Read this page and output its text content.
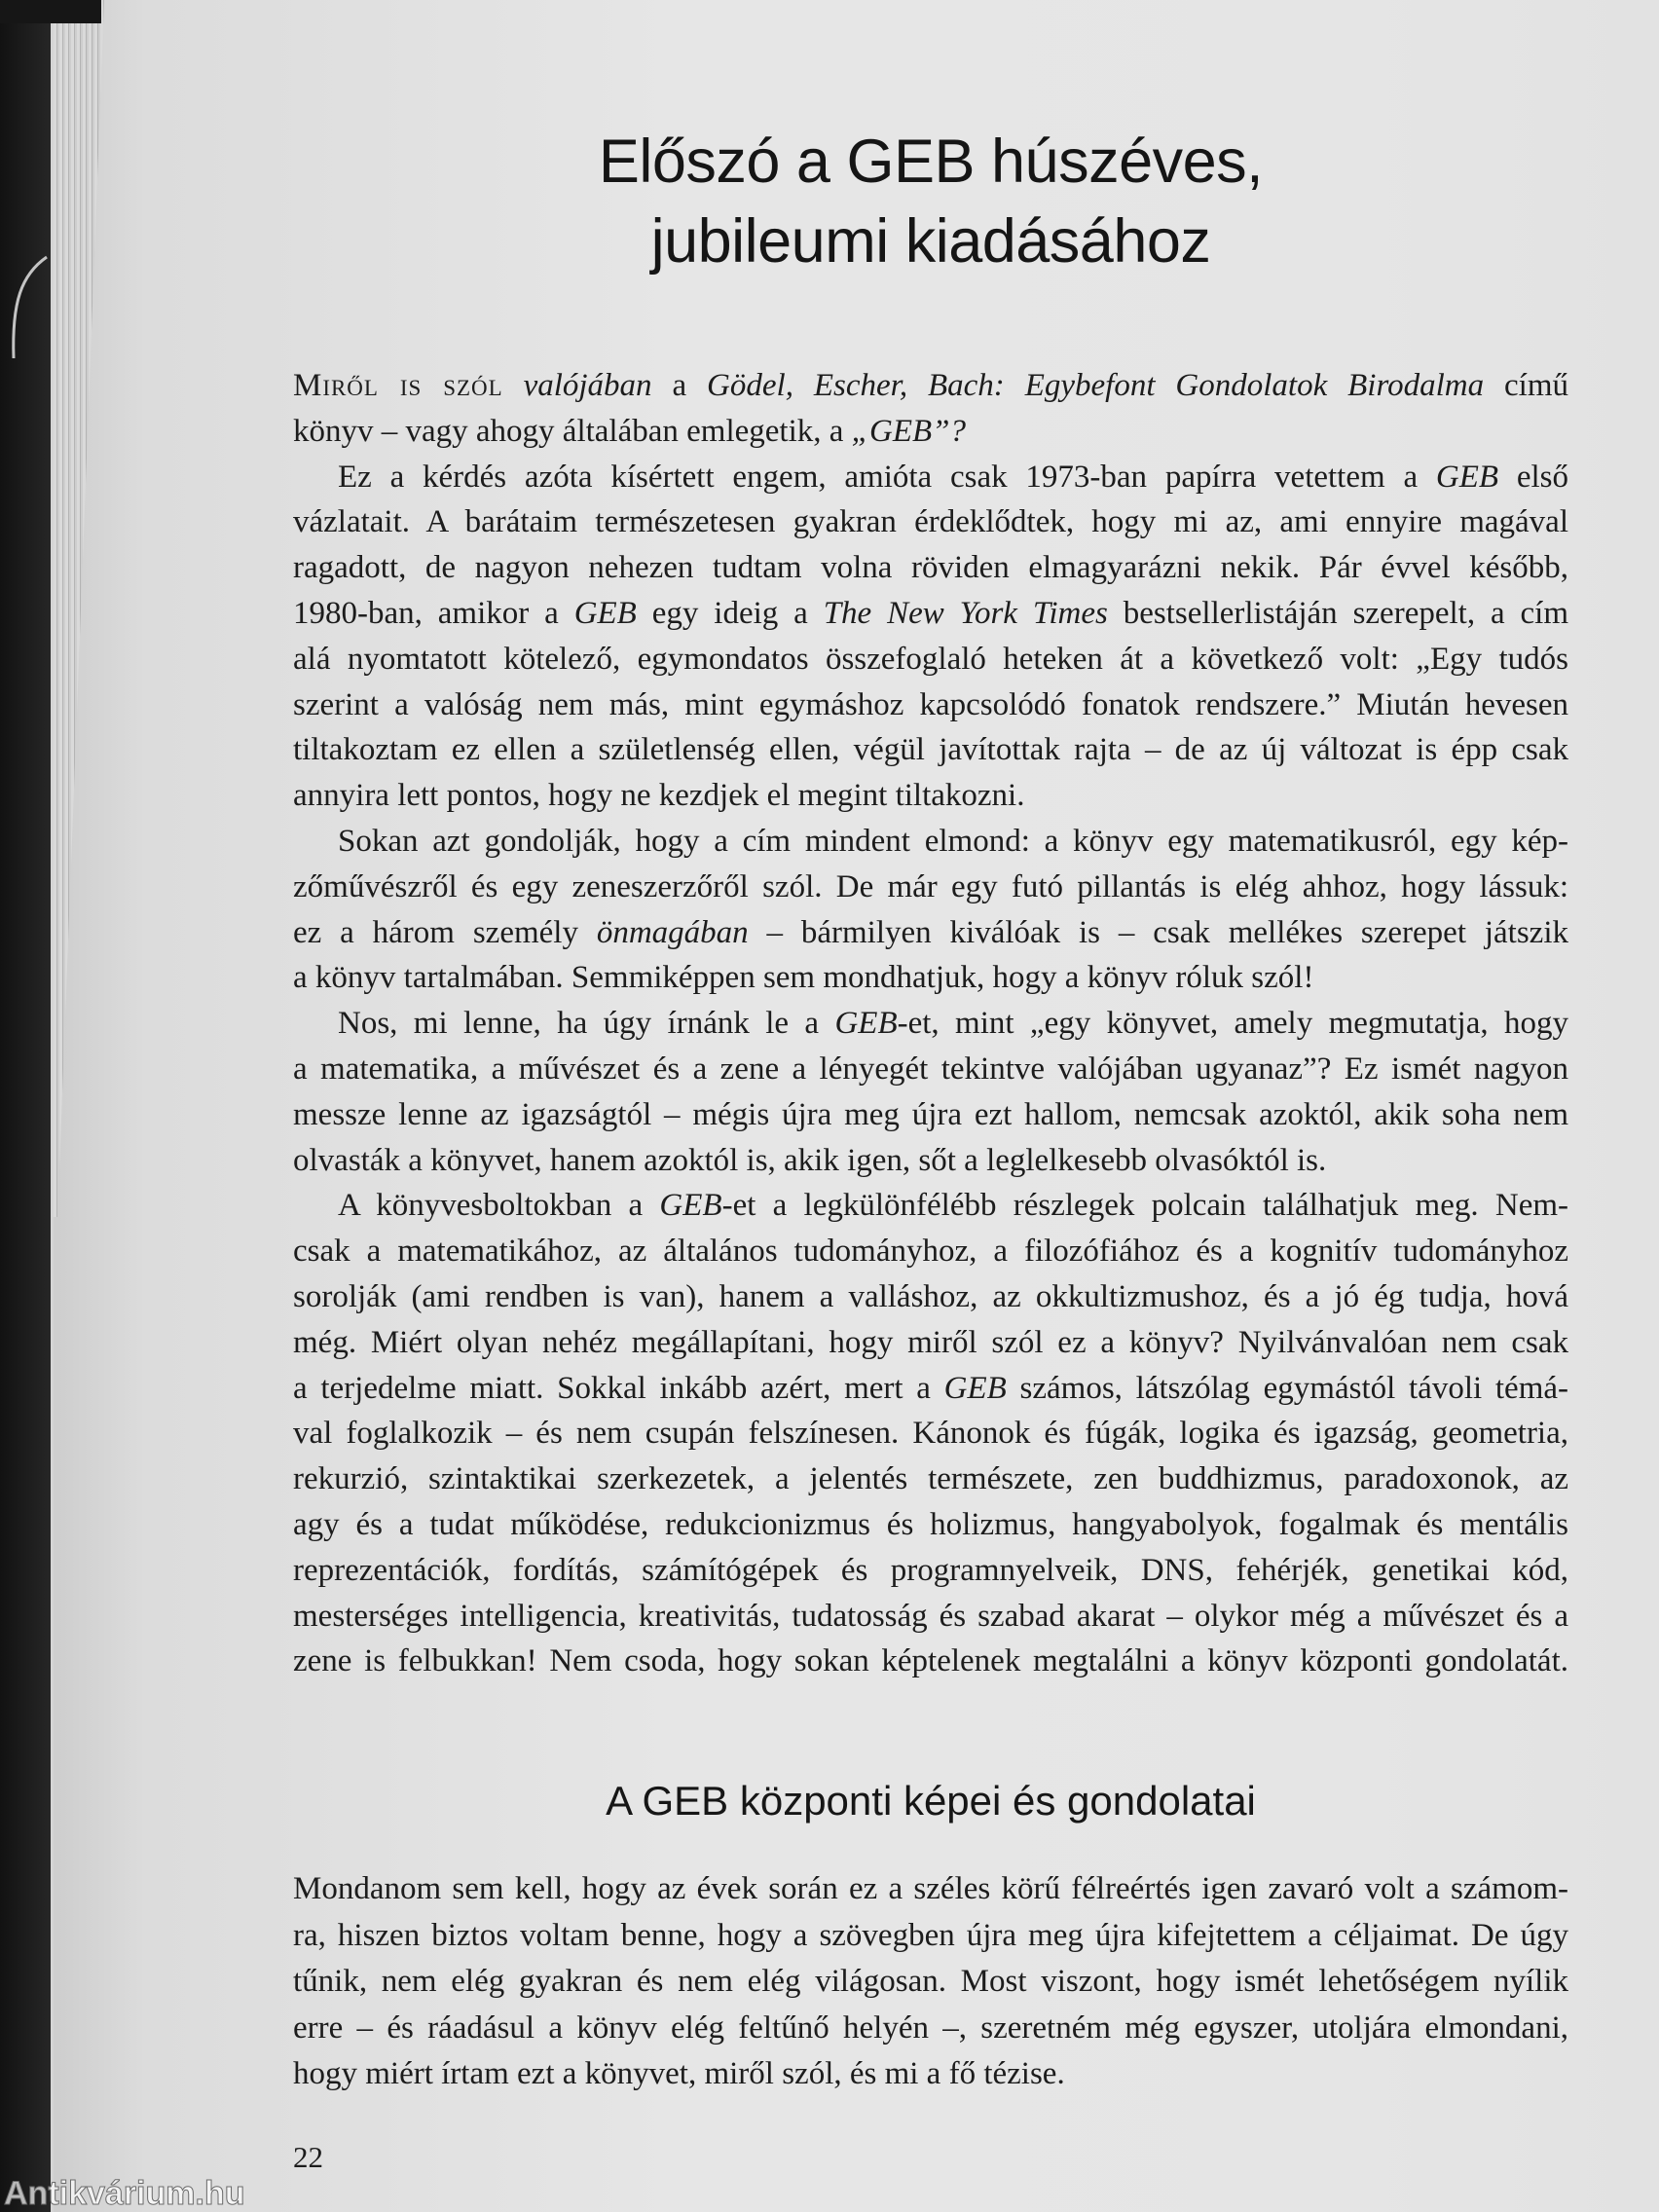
Előszó a GEB húszéves,
jubileumi kiadásához
Miről is szól valójában a Gödel, Escher, Bach: Egybefont Gondolatok Birodalma című
könyv – vagy ahogy általában emlegetik, a „GEB”?
Ez a kérdés azóta kísértett engem, amióta csak 1973-ban papírra vetettem a GEB első
vázlatait. A barátaim természetesen gyakran érdeklődtek, hogy mi az, ami ennyire magával
ragadott, de nagyon nehezen tudtam volna röviden elmagyarázni nekik. Pár évvel később,
1980-ban, amikor a GEB egy ideig a The New York Times bestsellerlistáján szerepelt, a cím
alá nyomtatott kötelező, egymondatos összefoglaló heteken át a következő volt: „Egy tudós
szerint a valóság nem más, mint egymáshoz kapcsolódó fonatok rendszere.” Miután hevesen
tiltakoztam ez ellen a születlenség ellen, végül javítottak rajta – de az új változat is épp csak
annyira lett pontos, hogy ne kezdjek el megint tiltakozni.
Sokan azt gondolják, hogy a cím mindent elmond: a könyv egy matematikusról, egy kép-
zőművészről és egy zeneszerzőről szól. De már egy futó pillantás is elég ahhoz, hogy lássuk:
ez a három személy önmagában – bármilyen kiválóak is – csak mellékes szerepet játszik
a könyv tartalmában. Semmiképpen sem mondhatjuk, hogy a könyv róluk szól!
Nos, mi lenne, ha úgy írnánk le a GEB-et, mint „egy könyvet, amely megmutatja, hogy
a matematika, a művészet és a zene a lényegét tekintve valójában ugyanaz”? Ez ismét nagyon
messze lenne az igazságtól – mégis újra meg újra ezt hallom, nemcsak azoktól, akik soha nem
olvasták a könyvet, hanem azoktól is, akik igen, sőt a leglelkesebb olvasóktól is.
A könyvesboltokban a GEB-et a legkülönfélébb részlegek polcain találhatjuk meg. Nem-
csak a matematikához, az általános tudományhoz, a filozófiához és a kognitív tudományhoz
sorolják (ami rendben is van), hanem a valláshoz, az okkultizmushoz, és a jó ég tudja, hová
még. Miért olyan nehéz megállapítani, hogy miről szól ez a könyv? Nyilvánvalóan nem csak
a terjedelme miatt. Sokkal inkább azért, mert a GEB számos, látszólag egymástól távoli témá-
val foglalkozik – és nem csupán felszínesen. Kánonok és fúgák, logika és igazság, geometria,
rekurzió, szintaktikai szerkezetek, a jelentés természete, zen buddhizmus, paradoxonok, az
agy és a tudat működése, redukcionizmus és holizmus, hangyabolyok, fogalmak és mentális
reprezentációk, fordítás, számítógépek és programnyelveik, DNS, fehérjék, genetikai kód,
mesterséges intelligencia, kreativitás, tudatosság és szabad akarat – olykor még a művészet és a
zene is felbukkan! Nem csoda, hogy sokan képtelenek megtalálni a könyv központi gondolatát.
A GEB központi képei és gondolatai
Mondanom sem kell, hogy az évek során ez a széles körű félreértés igen zavaró volt a számom-
ra, hiszen biztos voltam benne, hogy a szövegben újra meg újra kifejtettem a céljaimat. De úgy
tűnik, nem elég gyakran és nem elég világosan. Most viszont, hogy ismét lehetőségem nyílik
erre – és ráadásul a könyv elég feltűnő helyén –, szeretném még egyszer, utoljára elmondani,
hogy miért írtam ezt a könyvet, miről szól, és mi a fő tézise.
22
Antikvárium.hu
